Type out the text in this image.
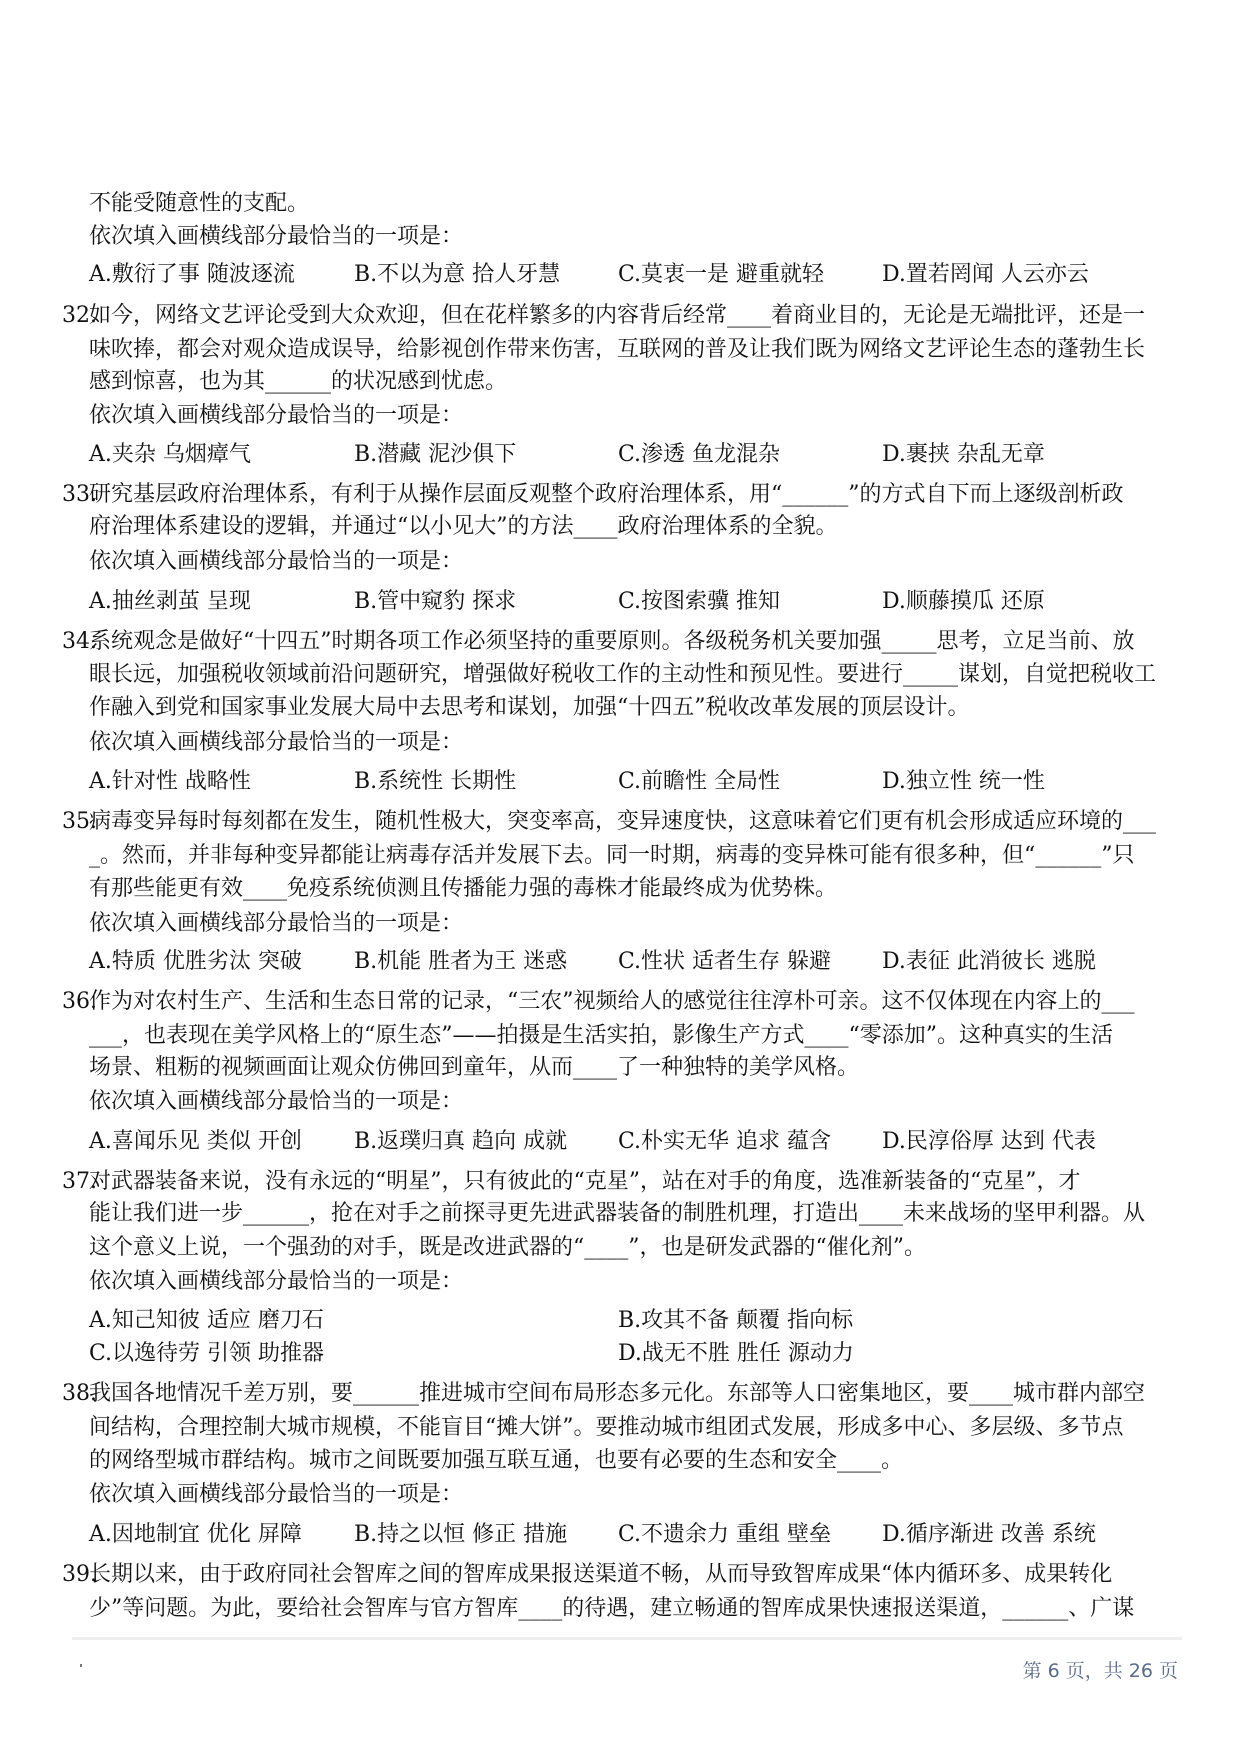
不能受随意性的支配。
依次填入画横线部分最恰当的一项是：
A.敷衍了事 随波逐流	B.不以为意 拾人牙慧	C.莫衷一是 避重就轻	D.置若罔闻 人云亦云
32.
如今，网络文艺评论受到大众欢迎，但在花样繁多的内容背后经常____着商业目的，无论是无端批评，还是一
味吹捧，都会对观众造成误导，给影视创作带来伤害，互联网的普及让我们既为网络文艺评论生态的蓬勃生长
感到惊喜，也为其______的状况感到忧虑。
依次填入画横线部分最恰当的一项是：
A.夹杂 乌烟瘴气	B.潜藏 泥沙俱下	C.渗透 鱼龙混杂	D.裹挟 杂乱无章
33.
研究基层政府治理体系，有利于从操作层面反观整个政府治理体系，用“______”的方式自下而上逐级剖析政
府治理体系建设的逻辑，并通过“以小见大”的方法____政府治理体系的全貌。
依次填入画横线部分最恰当的一项是：
A.抽丝剥茧 呈现	B.管中窥豹 探求	C.按图索骥 推知	D.顺藤摸瓜 还原
34.
系统观念是做好“十四五”时期各项工作必须坚持的重要原则。各级税务机关要加强_____思考，立足当前、放
眼长远，加强税收领域前沿问题研究，增强做好税收工作的主动性和预见性。要进行_____谋划，自觉把税收工
作融入到党和国家事业发展大局中去思考和谋划，加强“十四五”税收改革发展的顶层设计。
依次填入画横线部分最恰当的一项是：
A.针对性 战略性	B.系统性 长期性	C.前瞻性 全局性	D.独立性 统一性
35.
病毒变异每时每刻都在发生，随机性极大，突变率高，变异速度快，这意味着它们更有机会形成适应环境的___
_。然而，并非每种变异都能让病毒存活并发展下去。同一时期，病毒的变异株可能有很多种，但“______”只
有那些能更有效____免疫系统侦测且传播能力强的毒株才能最终成为优势株。
依次填入画横线部分最恰当的一项是：
A.特质 优胜劣汰 突破 B.机能 胜者为王 迷惑 C.性状 适者生存 躲避 D.表征 此消彼长 逃脱
36.
作为对农村生产、生活和生态日常的记录，“三农”视频给人的感觉往往淳朴可亲。这不仅体现在内容上的___
___，也表现在美学风格上的“原生态”——拍摄是生活实拍，影像生产方式____“零添加”。这种真实的生活
场景、粗粝的视频画面让观众仿佛回到童年，从而____了一种独特的美学风格。
依次填入画横线部分最恰当的一项是：
A.喜闻乐见 类似 开创 B.返璞归真 趋向 成就 C.朴实无华 追求 蕴含 D.民淳俗厚 达到 代表
37.
对武器装备来说，没有永远的“明星”，只有彼此的“克星”，站在对手的角度，选准新装备的“克星”，才
能让我们进一步______，抢在对手之前探寻更先进武器装备的制胜机理，打造出____未来战场的坚甲利器。从
这个意义上说，一个强劲的对手，既是改进武器的“____”，也是研发武器的“催化剂”。
依次填入画横线部分最恰当的一项是：
A.知己知彼 适应 磨刀石	B.攻其不备 颠覆 指向标
C.以逸待劳 引领 助推器	D.战无不胜 胜任 源动力
38.
我国各地情况千差万别，要______推进城市空间布局形态多元化。东部等人口密集地区，要____城市群内部空
间结构，合理控制大城市规模，不能盲目“摊大饼”。要推动城市组团式发展，形成多中心、多层级、多节点
的网络型城市群结构。城市之间既要加强互联互通，也要有必要的生态和安全____。
依次填入画横线部分最恰当的一项是：
A.因地制宜 优化 屏障 B.持之以恒 修正 措施 C.不遗余力 重组 壁垒 D.循序渐进 改善 系统
39.
长期以来，由于政府同社会智库之间的智库成果报送渠道不畅，从而导致智库成果“体内循环多、成果转化
少”等问题。为此，要给社会智库与官方智库____的待遇，建立畅通的智库成果快速报送渠道，______、广谋
第 6 页，共 26 页
